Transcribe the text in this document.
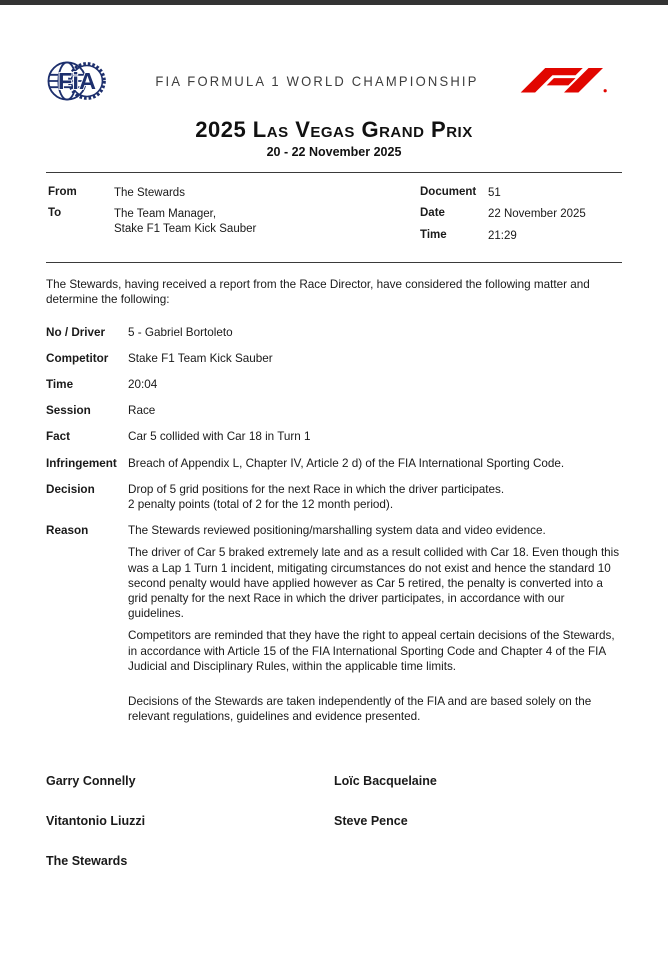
FiA	FIA FORMULA 1 WORLD CHAMPIONSHIP
2025 Las Vegas Grand Prix
20 - 22 November 2025
From	The Stewards
To	The Team Manager,
Stake F1 Team Kick Sauber
Document	51
Date	22 November 2025
Time	21:29

The Stewards, having received a report from the Race Director, have considered the following matter and determine the following:

No / Driver	5 - Gabriel Bortoleto
Competitor	Stake F1 Team Kick Sauber
Time	20:04
Session	Race
Fact	Car 5 collided with Car 18 in Turn 1
Infringement Breach of Appendix L, Chapter IV, Article 2 d) of the FIA International Sporting Code.
Decision	Drop of 5 grid positions for the next Race in which the driver participates.
2 penalty points (total of 2 for the 12 month period).
Reason	The Stewards reviewed positioning/marshalling system data and video evidence.
The driver of Car 5 braked extremely late and as a result collided with Car 18. Even though this was a Lap 1 Turn 1 incident, mitigating circumstances do not exist and hence the standard 10 second penalty would have applied however as Car 5 retired, the penalty is converted into a grid penalty for the next Race in which the driver participates, in accordance with our guidelines.
Competitors are reminded that they have the right to appeal certain decisions of the Stewards, in accordance with Article 15 of the FIA International Sporting Code and Chapter 4 of the FIA Judicial and Disciplinary Rules, within the applicable time limits.
Decisions of the Stewards are taken independently of the FIA and are based solely on the relevant regulations, guidelines and evidence presented.
Garry Connelly	Loïc Bacquelaine
Vitantonio Liuzzi	Steve Pence
The Stewards
